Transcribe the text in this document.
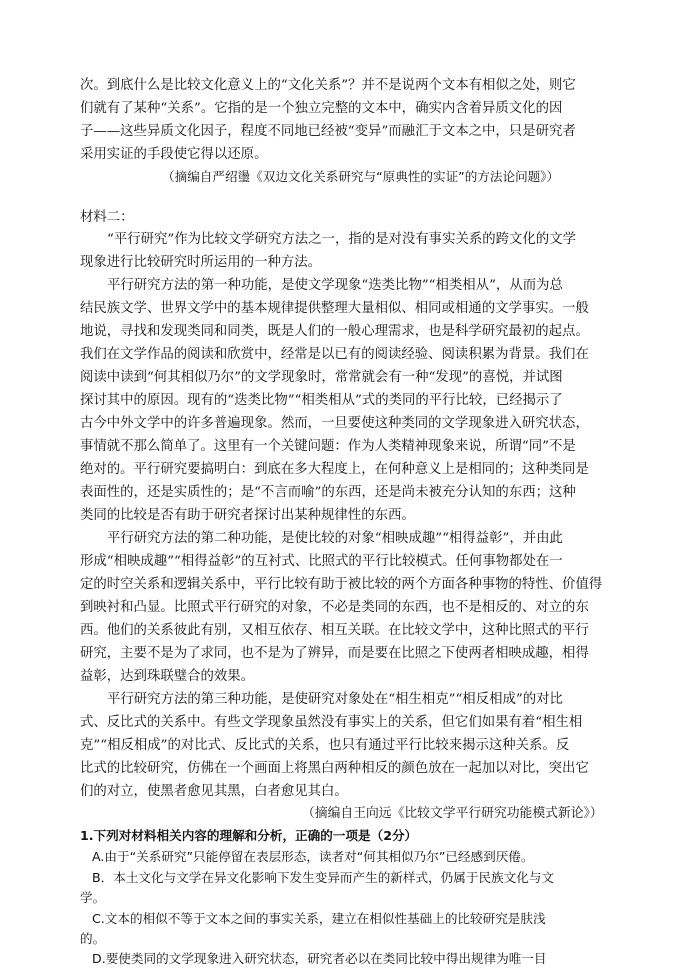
次。到底什么是比较文化意义上的“文化关系”？并不是说两个文本有相似之处，则它
们就有了某种“关系”。它指的是一个独立完整的文本中，确实内含着异质文化的因
子——这些异质文化因子，程度不同地已经被“变异”而融汇于文本之中，只是研究者
采用实证的手段使它得以还原。
（摘编自严绍璗《双边文化关系研究与“原典性的实证”的方法论问题》）
材料二：
“平行研究”作为比较文学研究方法之一，指的是对没有事实关系的跨文化的文学
现象进行比较研究时所运用的一种方法。
平行研究方法的第一种功能，是使文学现象“迭类比物”“相类相从”，从而为总
结民族文学、世界文学中的基本规律提供整理大量相似、相同或相通的文学事实。一般
地说，寻找和发现类同和同类，既是人们的一般心理需求，也是科学研究最初的起点。
我们在文学作品的阅读和欣赏中，经常是以已有的阅读经验、阅读积累为背景。我们在
阅读中读到“何其相似乃尔”的文学现象时，常常就会有一种“发现”的喜悦，并试图
探讨其中的原因。现有的“迭类比物”“相类相从”式的类同的平行比较，已经揭示了
古今中外文学中的许多普遍现象。然而，一旦要使这种类同的文学现象进入研究状态，
事情就不那么简单了。这里有一个关键问题：作为人类精神现象来说，所谓“同”不是
绝对的。平行研究要搞明白：到底在多大程度上，在何种意义上是相同的；这种类同是
表面性的，还是实质性的；是“不言而喻”的东西，还是尚未被充分认知的东西；这种
类同的比较是否有助于研究者探讨出某种规律性的东西。
平行研究方法的第二种功能，是使比较的对象“相映成趣”“相得益彰”，并由此
形成“相映成趣”“相得益彰”的互衬式、比照式的平行比较模式。任何事物都处在一
定的时空关系和逻辑关系中，平行比较有助于被比较的两个方面各种事物的特性、价值得
到映衬和凸显。比照式平行研究的对象，不必是类同的东西，也不是相反的、对立的东
西。他们的关系彼此有别，又相互依存、相互关联。在比较文学中，这种比照式的平行
研究，主要不是为了求同，也不是为了辨异，而是要在比照之下使两者相映成趣，相得
益彰，达到珠联璧合的效果。
平行研究方法的第三种功能，是使研究对象处在“相生相克”“相反相成”的对比
式、反比式的关系中。有些文学现象虽然没有事实上的关系，但它们如果有着“相生相
克”“相反相成”的对比式、反比式的关系，也只有通过平行比较来揭示这种关系。反
比式的比较研究，仿佛在一个画面上将黑白两种相反的颜色放在一起加以对比，突出它
们的对立，使黑者愈见其黑，白者愈见其白。
（摘编自王向远《比较文学平行研究功能模式新论》）
1.下列对材料相关内容的理解和分析，正确的一项是（2分）
A.由于“关系研究”只能停留在表层形态，读者对“何其相似乃尔”已经感到厌倦。
B．本土文化与文学在异文化影响下发生变异而产生的新样式，仍属于民族文化与文
学。
C.文本的相似不等于文本之间的事实关系，建立在相似性基础上的比较研究是肤浅
的。
D.要使类同的文学现象进入研究状态，研究者必以在类同比较中得出规律为唯一目
